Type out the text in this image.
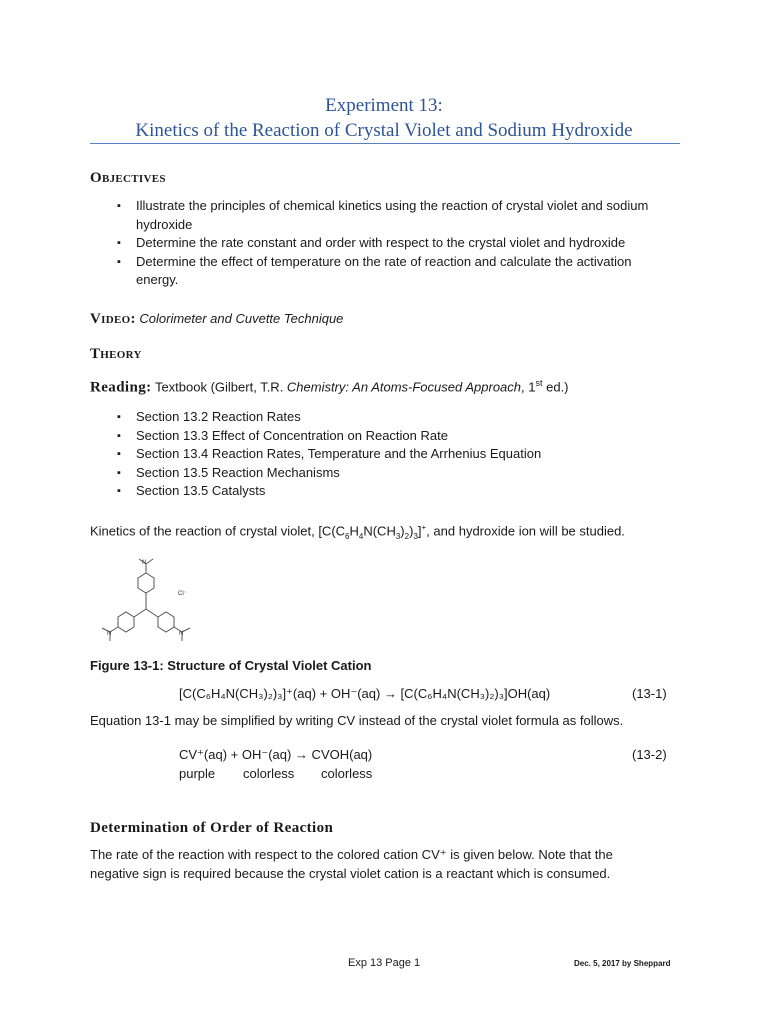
Experiment 13:
Kinetics of the Reaction of Crystal Violet and Sodium Hydroxide
Objectives
▪ Illustrate the principles of chemical kinetics using the reaction of crystal violet and sodium hydroxide
▪ Determine the rate constant and order with respect to the crystal violet and hydroxide
▪ Determine the effect of temperature on the rate of reaction and calculate the activation energy.
Video: Colorimeter and Cuvette Technique
Theory
Reading: Textbook (Gilbert, T.R. Chemistry: An Atoms-Focused Approach, 1st ed.)
▪ Section 13.2 Reaction Rates
▪ Section 13.3 Effect of Concentration on Reaction Rate
▪ Section 13.4 Reaction Rates, Temperature and the Arrhenius Equation
▪ Section 13.5 Reaction Mechanisms
▪ Section 13.5 Catalysts
Kinetics of the reaction of crystal violet, $[C(C_6H_4N(CH_3)_2)_3]^+$, and hydroxide ion will be studied.
N
N	N
Cl⁻
Figure 13-1: Structure of Crystal Violet Cation
[C(C₆H₄N(CH₃)₂)₃]⁺(aq) + OH⁻(aq) → [C(C₆H₄N(CH₃)₂)₃]OH(aq)	(13-1)
Equation 13-1 may be simplified by writing CV instead of the crystal violet formula as follows.
CV⁺(aq) + OH⁻(aq) → CVOH(aq)	(13-2)
purple colorless colorless
Determination of Order of Reaction
The rate of the reaction with respect to the colored cation CV⁺ is given below. Note that the
negative sign is required because the crystal violet cation is a reactant which is consumed.
Exp 13 Page 1	Dec. 5, 2017 by Sheppard
